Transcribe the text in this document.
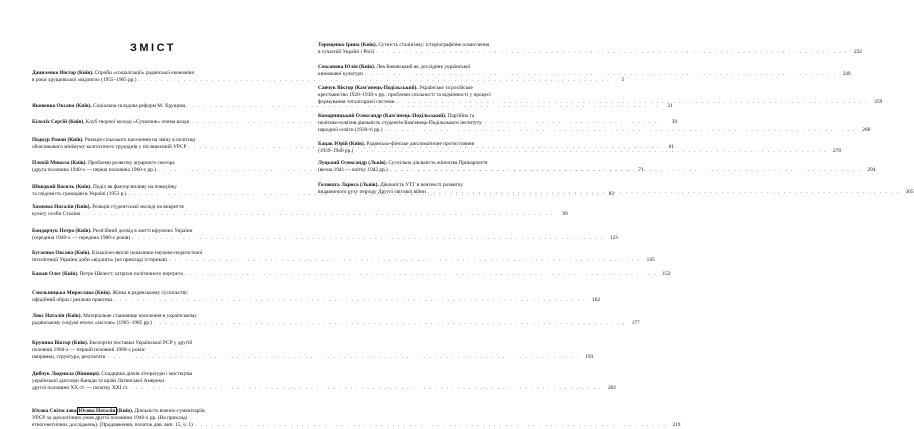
ЗМІСТ
Даниленко Віктор (Київ). Спроби «соціалізації» радянської економіки
в роки хрущовської «відлиги» (1955–1965 рр.) . . .	5
Яковенко Оксана (Київ). Соціальна складова реформ М. Хрущова . . .	21
Білоліх Сергій (Київ). Клуб творчої молоді «Сучасник» очима влади . . .	39
Подкур Роман (Київ). Реакція сільського населення на зміну в політиці
обов'язкового мінімуму колгоспного трудоднів у післявоєнній УРСР . . .	61
Плохій Микола (Київ). Проблеми розвитку аграрного сектора
(друга половина 1940-х — перша половина 1960-х рр.) . . .	71
Швидкий Василь (Київ). Поділ як фактор впливу на поведінку
та свідомість громадян в Україні (1953 р.) . . .	83
Хоменко Наталія (Київ). Реакція студентської молоді на викриття
культу особи Сталіна . . .	99
Бондарчук Петро (Київ). Релігійний досвід в житті віруючих України
(середина 1940-х — середина 1980-х років) . . .	123
Бугаєнко Оксана (Київ). Кількісно-якісні показники науково-педагогічної
інтелігенції України доби «відлиги» (на прикладі істориків) . . .	145
Бажан Олег (Київ). Петро Шелест: штрихи політичного портрета . . .	152
Смольницька Мирослава (Київ). Жінка в радянському суспільстві:
офіційний образ і реальна практика . . .	162
Ляос Наталія (Київ). Матеріальне становище населення в українському
радянському соціумі епохи «застою» (1965–1985 рр.) . . .	177
Крупина Віктор (Київ). Експортні поставки Української РСР у другій
половині 1960-х — першій половині 1980-х років:
напрямки, структура, результати . . .	193
Дибчук Людмила (Вінниця). Спадщина діячів літератури і мистецтва
української діаспори Канади та країн Латинської Америки
другої половини ХХ ст. — початку ХХІ ст. . . .	202
Юсова Світослава,Юсова Наталія (Київ). Діяльність вчених-гуманітаріїв
УРСР за ідеологічних умов другої половини 1940-х рр. (На прикладі
етногенетичних досліджень). (Продовження, початок див. вип. 15, ч. 1) . . .	219
Терещенко Ірина (Київ). Сутність сталінізму: історіографічне осмислення
в сучасній Україні і Росії . . .	232
Сексонова Юлія (Київ). Лев Биковський як дослідник української
книжкової культури . . .	249
Савчук Віктор (Кам'янець-Подільський). Українське та російське
крестьянство 1920–1930-х рр.: проблеми спільності та відмінності у процесі
формування тоталітарної системи . . .	259
Комарницький Олександр (Кам'янець-Подільський). Партійна та
політико-освітня діяльність студентів Кам'янець-Подільського інституту
народної освіти (1920-ті рр.) . . .	268
Бацак Юрій (Київ). Радянсько-фінське дипломатичне протистояння
(1939–1940 рр.) . . .	278
Луцький Олександр (Львів). Суспільна діяльність жіночтва Прикарпаття
(весна 1941 — влітку 1942 рр.) . . .	294
Головата Лариса (Львів). Діяльність УТГ в контексті розвитку
видавничого руху періоду Другої світової війни . . .	305
